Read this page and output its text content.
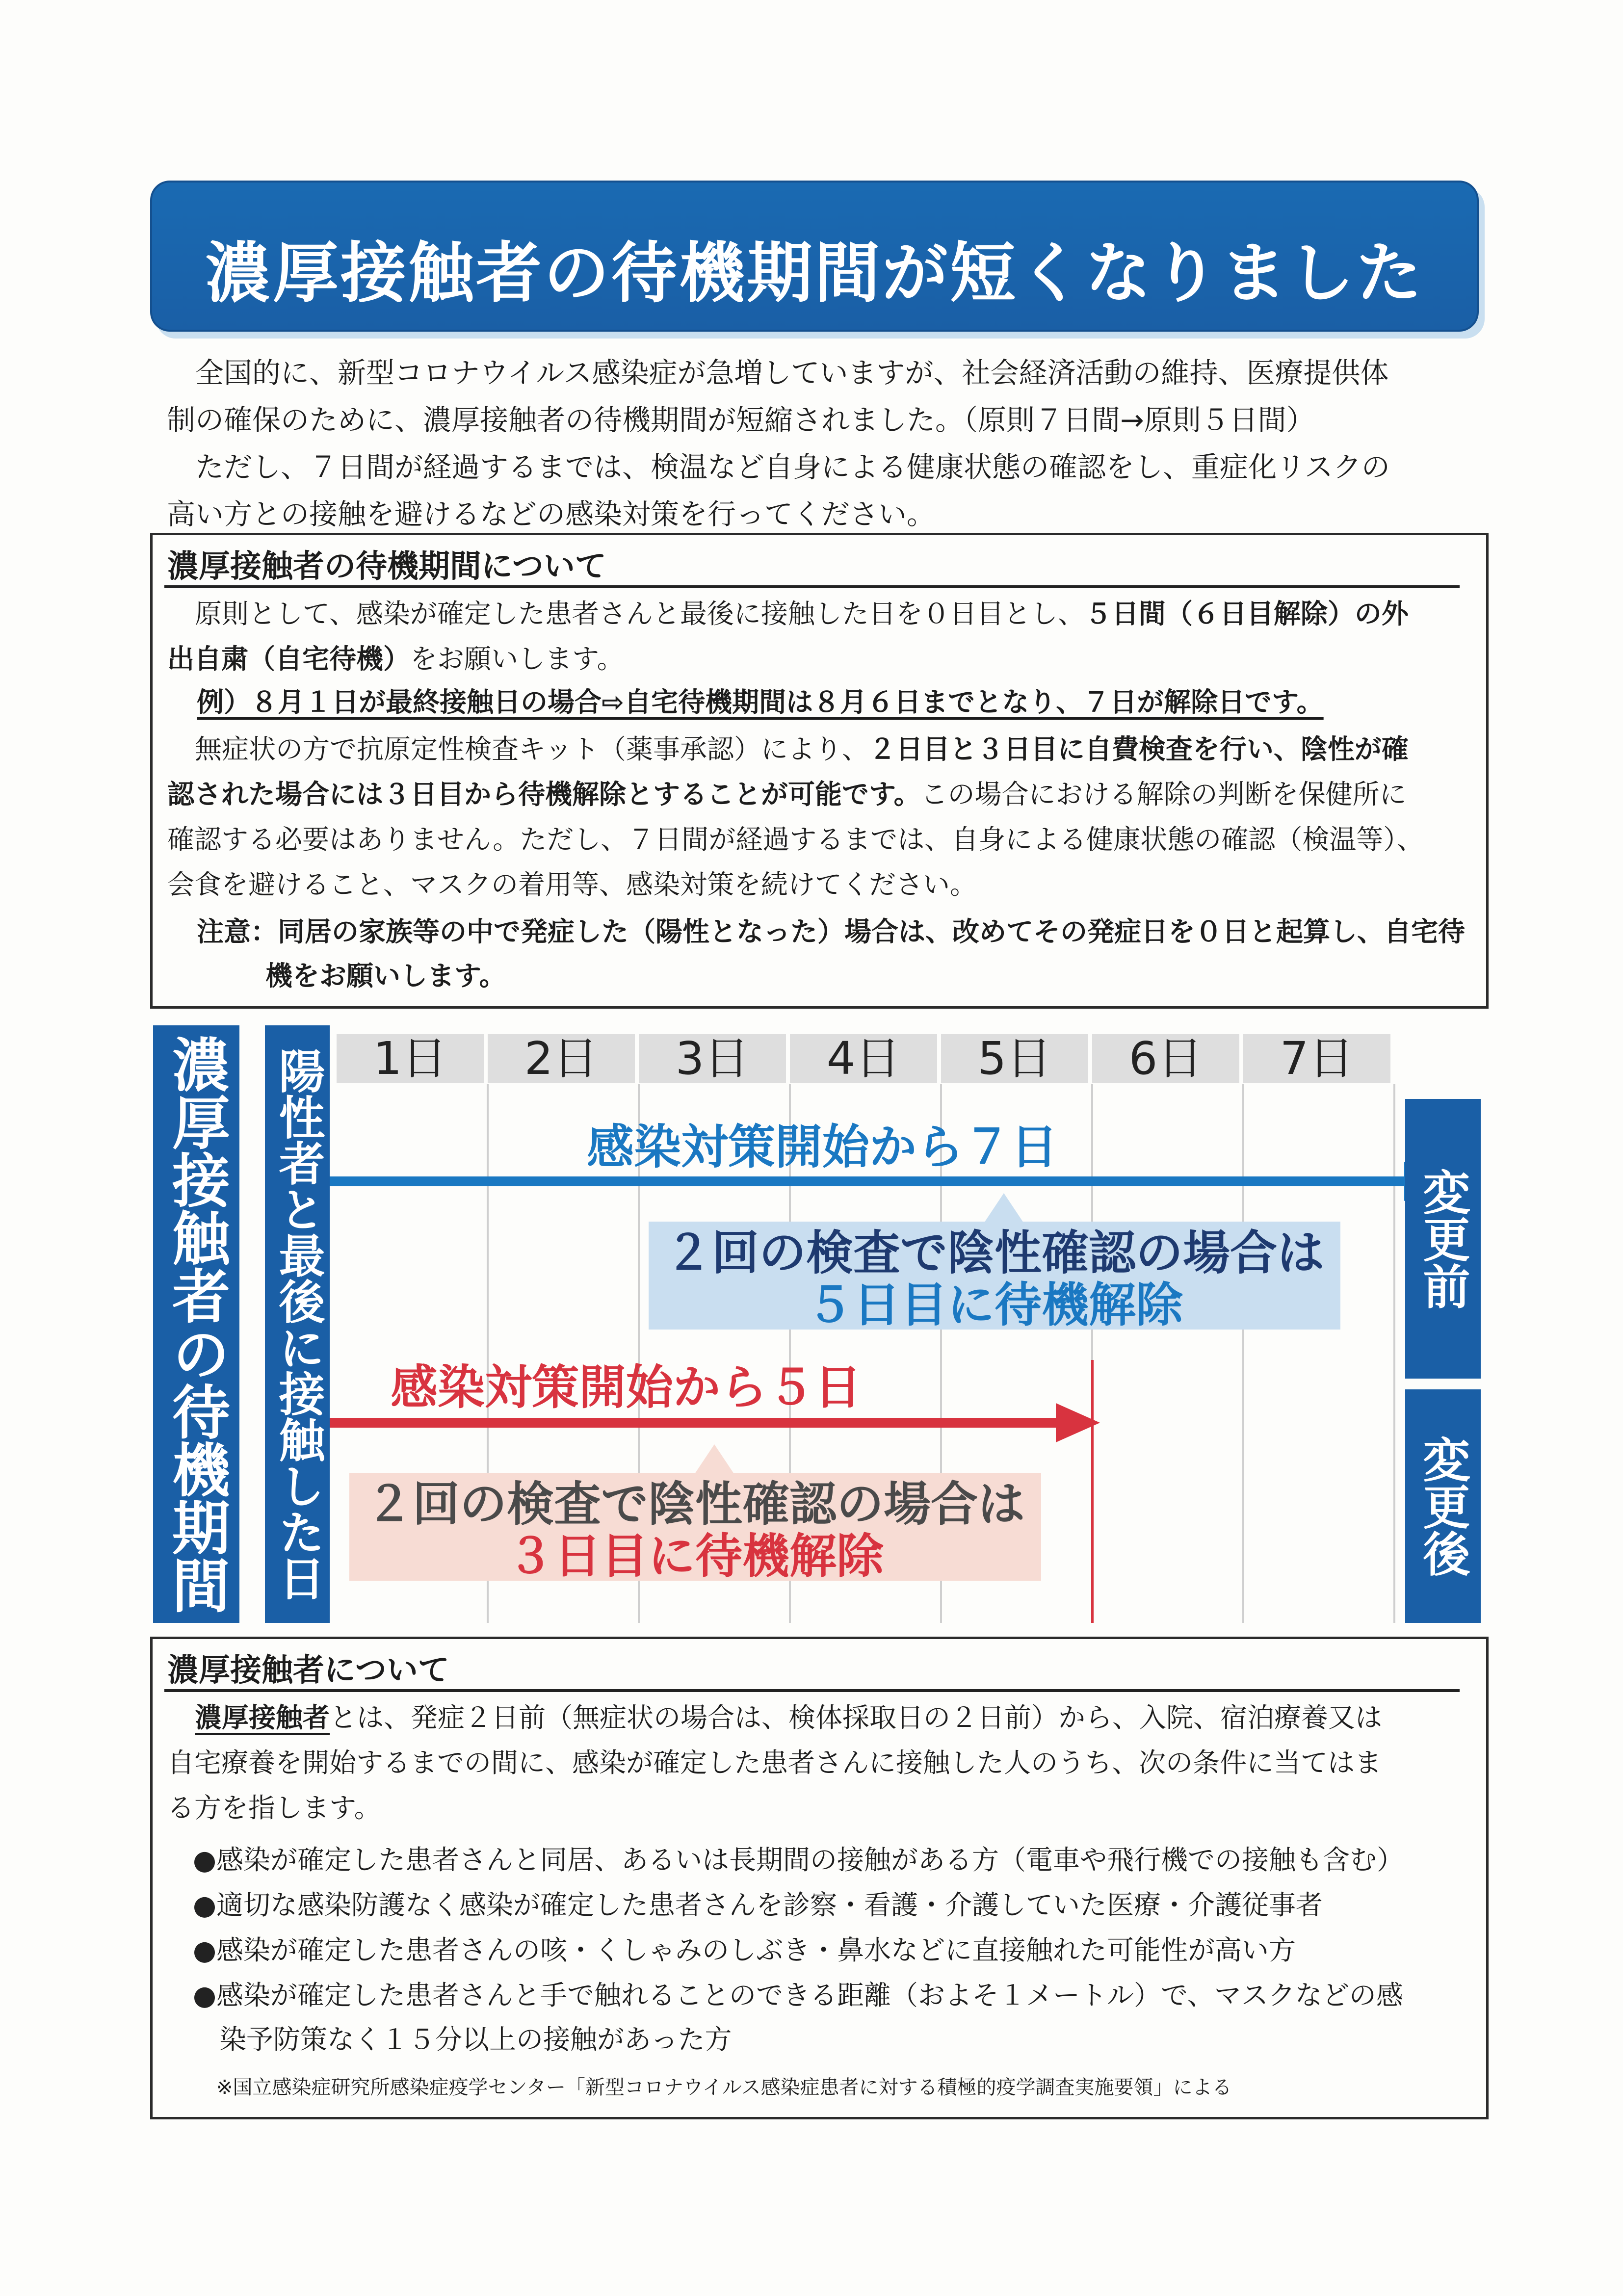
濃厚接触者の待機期間が短くなりました
全国的に、新型コロナウイルス感染症が急増していますが、社会経済活動の維持、医療提供体
制の確保のために、濃厚接触者の待機期間が短縮されました。（原則７日間→原則５日間）
ただし、７日間が経過するまでは、検温など自身による健康状態の確認をし、重症化リスクの
高い方との接触を避けるなどの感染対策を行ってください。
濃厚接触者の待機期間について
原則として、感染が確定した患者さんと最後に接触した日を０日目とし、５日間（６日目解除）の外
出自粛（自宅待機）をお願いします。
例）８月１日が最終接触日の場合⇨自宅待機期間は８月６日までとなり、７日が解除日です。
無症状の方で抗原定性検査キット（薬事承認）により、２日目と３日目に自費検査を行い、陰性が確
認された場合には３日目から待機解除とすることが可能です。この場合における解除の判断を保健所に
確認する必要はありません。ただし、７日間が経過するまでは、自身による健康状態の確認（検温等）、
会食を避けること、マスクの着用等、感染対策を続けてください。
注意：同居の家族等の中で発症した（陽性となった）場合は、改めてその発症日を０日と起算し、自宅待
機をお願いします。
濃厚接触者の待機期間 陽性者と最後に接触した日	1日	2日	3日	4日	5日	6日	7日
感染対策開始から７日
２回の検査で陰性確認の場合は
５日目に待機解除	変更前
感染対策開始から５日
２回の検査で陰性確認の場合は
３日目に待機解除	変更後
濃厚接触者について
濃厚接触者とは、発症２日前（無症状の場合は、検体採取日の２日前）から、入院、宿泊療養又は
自宅療養を開始するまでの間に、感染が確定した患者さんに接触した人のうち、次の条件に当てはま
る方を指します。
●感染が確定した患者さんと同居、あるいは長期間の接触がある方（電車や飛行機での接触も含む）
●適切な感染防護なく感染が確定した患者さんを診察・看護・介護していた医療・介護従事者
●感染が確定した患者さんの咳・くしゃみのしぶき・鼻水などに直接触れた可能性が高い方
●感染が確定した患者さんと手で触れることのできる距離（およそ１メートル）で、マスクなどの感
染予防策なく１５分以上の接触があった方
※国立感染症研究所感染症疫学センター「新型コロナウイルス感染症患者に対する積極的疫学調査実施要領」による
